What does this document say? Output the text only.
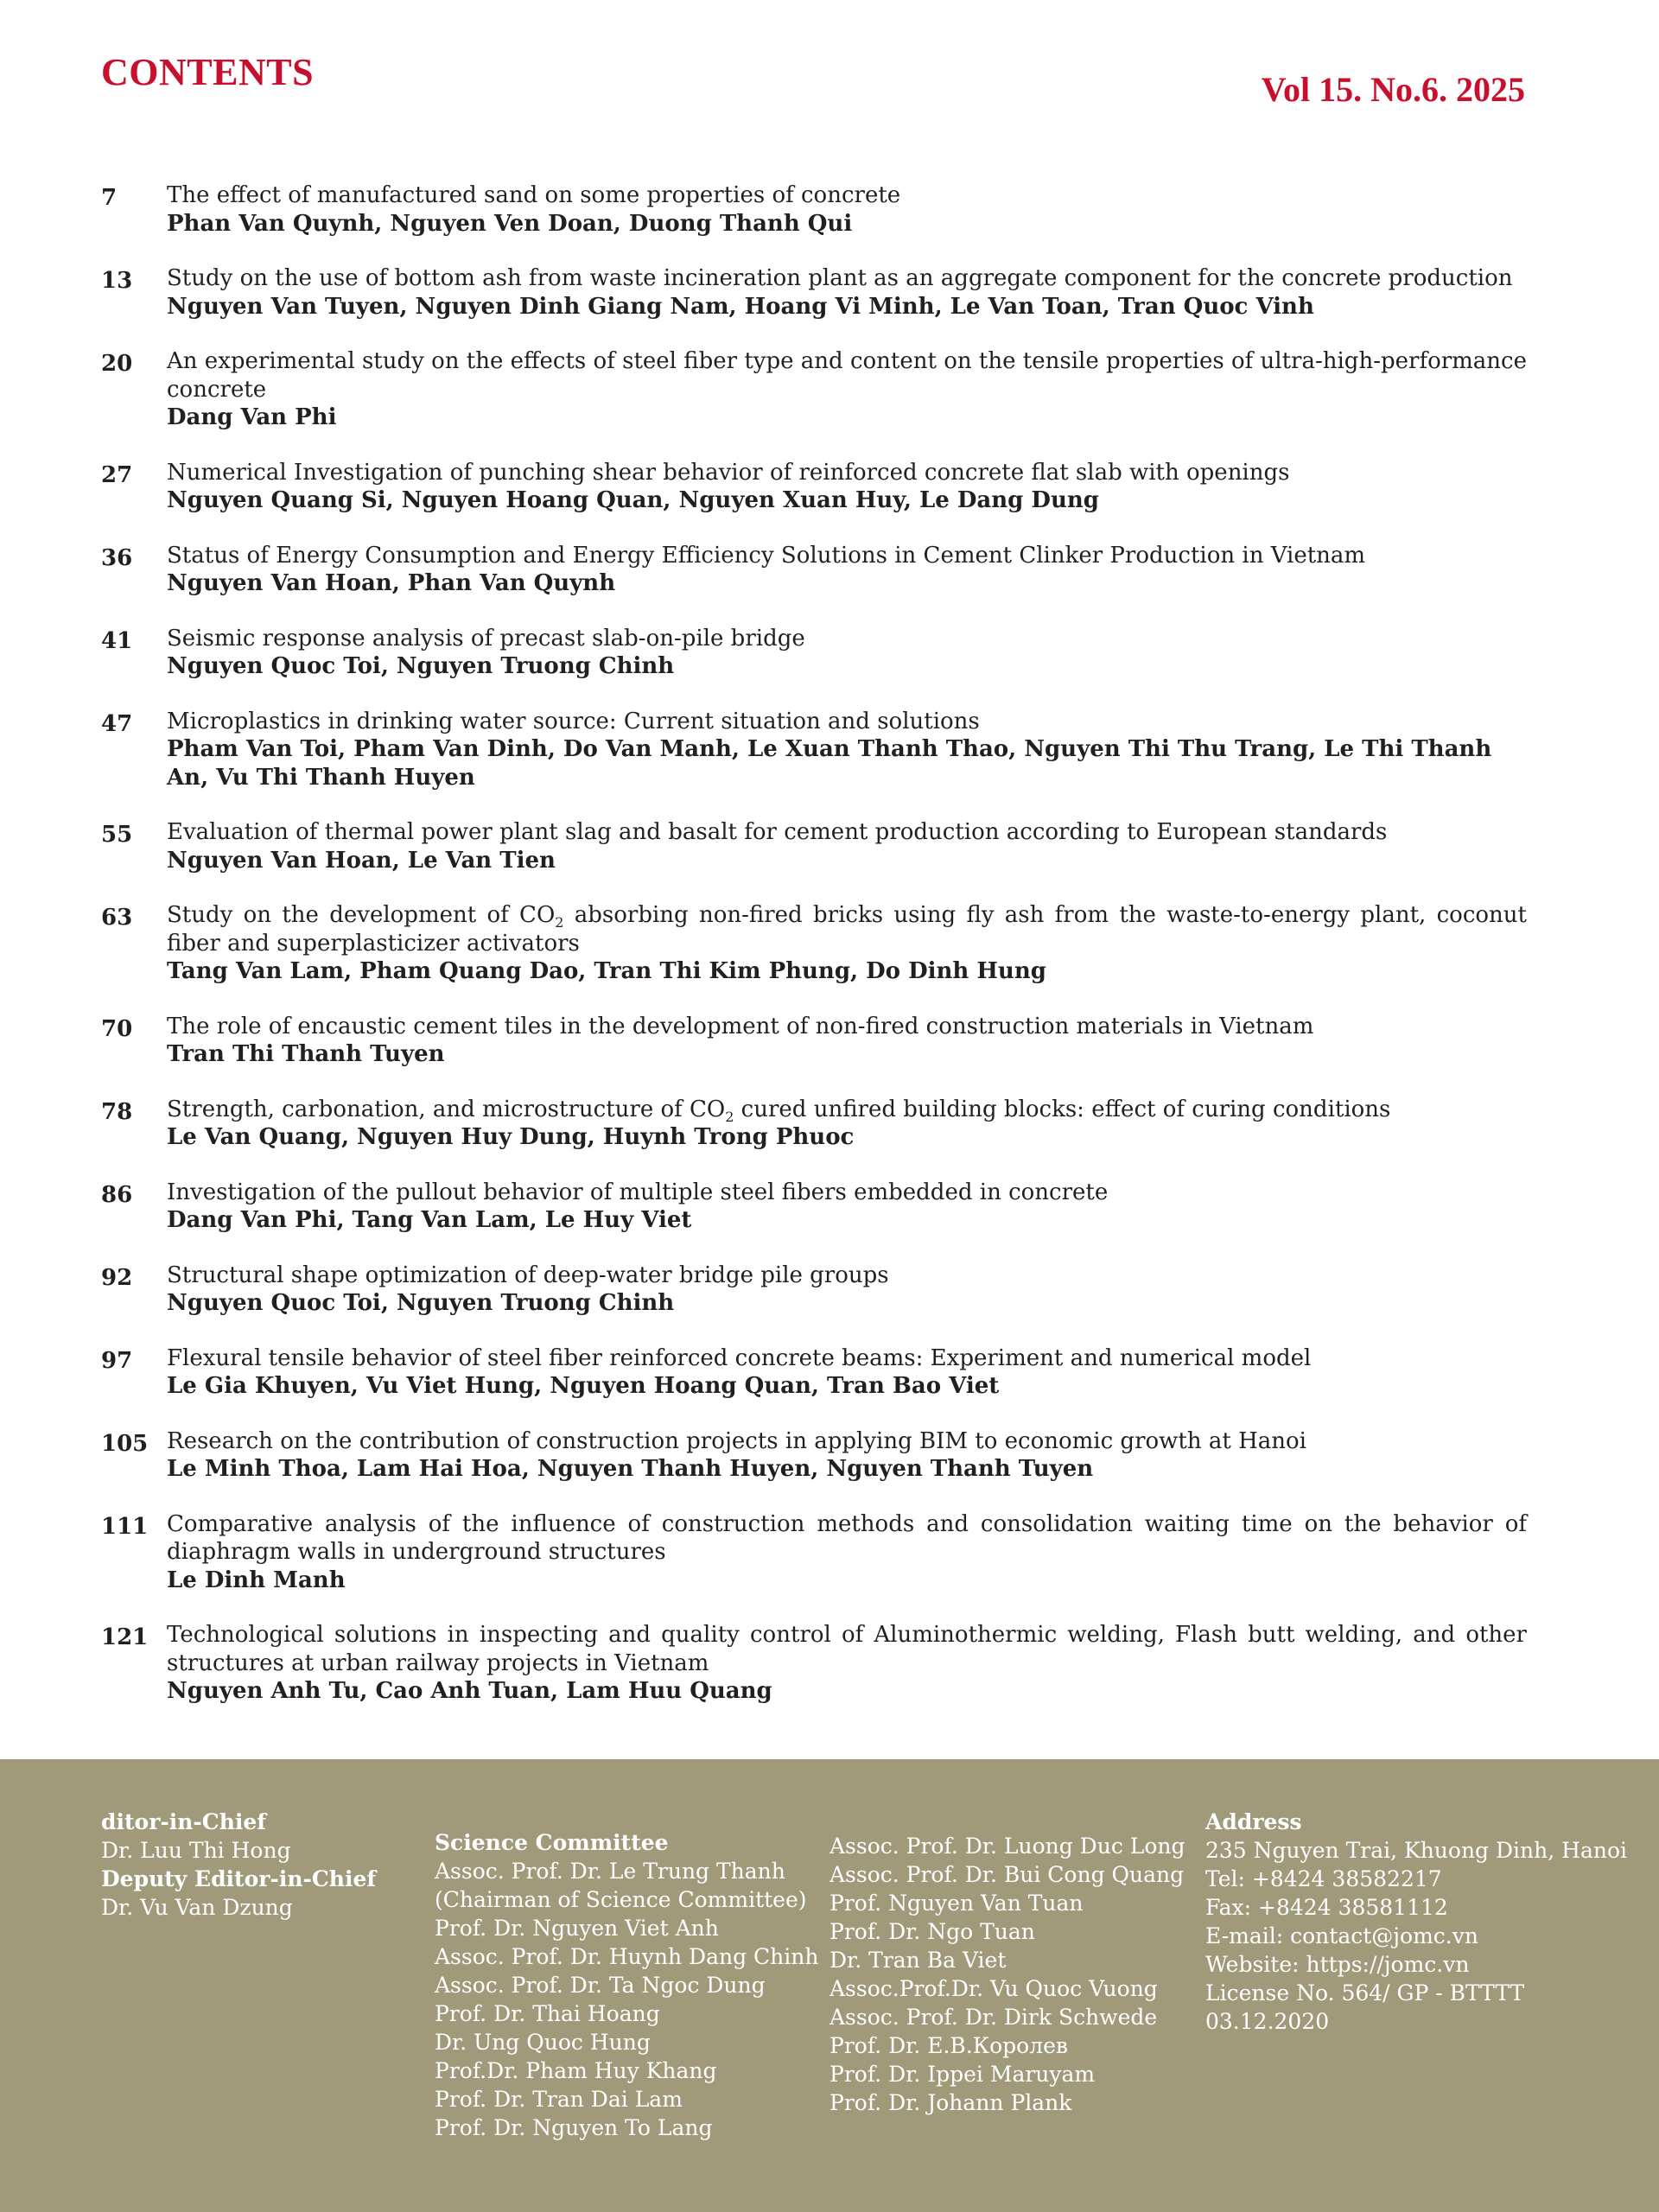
CONTENTS	Vol 15. No.6. 2025
7	The effect of manufactured sand on some properties of concrete
Phan Van Quynh, Nguyen Ven Doan, Duong Thanh Qui
13	Study on the use of bottom ash from waste incineration plant as an aggregate component for the concrete production
Nguyen Van Tuyen, Nguyen Dinh Giang Nam, Hoang Vi Minh, Le Van Toan, Tran Quoc Vinh
20	An experimental study on the effects of steel fiber type and content on the tensile properties of ultra-high-performance concrete
Dang Van Phi
27	Numerical Investigation of punching shear behavior of reinforced concrete flat slab with openings
Nguyen Quang Si, Nguyen Hoang Quan, Nguyen Xuan Huy, Le Dang Dung
36	Status of Energy Consumption and Energy Efficiency Solutions in Cement Clinker Production in Vietnam
Nguyen Van Hoan, Phan Van Quynh
41	Seismic response analysis of precast slab-on-pile bridge
Nguyen Quoc Toi, Nguyen Truong Chinh
47	Microplastics in drinking water source: Current situation and solutions
Pham Van Toi, Pham Van Dinh, Do Van Manh, Le Xuan Thanh Thao, Nguyen Thi Thu Trang, Le Thi Thanh An, Vu Thi Thanh Huyen
55	Evaluation of thermal power plant slag and basalt for cement production according to European standards
Nguyen Van Hoan, Le Van Tien
63	Study on the development of $CO_2$ absorbing non-fired bricks using fly ash from the waste-to-energy plant, coconut fiber and superplasticizer activators
Tang Van Lam, Pham Quang Dao, Tran Thi Kim Phung, Do Dinh Hung
70	The role of encaustic cement tiles in the development of non-fired construction materials in Vietnam
Tran Thi Thanh Tuyen
78	Strength, carbonation, and microstructure of $CO_2$ cured unfired building blocks: effect of curing conditions
Le Van Quang, Nguyen Huy Dung, Huynh Trong Phuoc
86	Investigation of the pullout behavior of multiple steel fibers embedded in concrete
Dang Van Phi, Tang Van Lam, Le Huy Viet
92	Structural shape optimization of deep-water bridge pile groups
Nguyen Quoc Toi, Nguyen Truong Chinh
97	Flexural tensile behavior of steel fiber reinforced concrete beams: Experiment and numerical model
Le Gia Khuyen, Vu Viet Hung, Nguyen Hoang Quan, Tran Bao Viet
105 Research on the contribution of construction projects in applying BIM to economic growth at Hanoi
Le Minh Thoa, Lam Hai Hoa, Nguyen Thanh Huyen, Nguyen Thanh Tuyen
111 Comparative analysis of the influence of construction methods and consolidation waiting time on the behavior of diaphragm walls in underground structures
Le Dinh Manh
121 Technological solutions in inspecting and quality control of Aluminothermic welding, Flash butt welding, and other structures at urban railway projects in Vietnam
Nguyen Anh Tu, Cao Anh Tuan, Lam Huu Quang
ditor-in-Chief
Dr. Luu Thi Hong
Deputy Editor-in-Chief
Dr. Vu Van Dzung
Science Committee
Assoc. Prof. Dr. Le Trung Thanh
(Chairman of Science Committee)
Prof. Dr. Nguyen Viet Anh
Assoc. Prof. Dr. Huynh Dang Chinh
Assoc. Prof. Dr. Ta Ngoc Dung
Prof. Dr. Thai Hoang
Dr. Ung Quoc Hung
Prof.Dr. Pham Huy Khang
Prof. Dr. Tran Dai Lam
Prof. Dr. Nguyen To Lang
Assoc. Prof. Dr. Luong Duc Long
Assoc. Prof. Dr. Bui Cong Quang
Prof. Nguyen Van Tuan
Prof. Dr. Ngo Tuan
Dr. Tran Ba Viet
Assoc.Prof.Dr. Vu Quoc Vuong
Assoc. Prof. Dr. Dirk Schwede
Prof. Dr. E.B.Королев
Prof. Dr. Ippei Maruyam
Prof. Dr. Johann Plank
Address
235 Nguyen Trai, Khuong Dinh, Hanoi
Tel: +8424 38582217
Fax: +8424 38581112
E-mail: contact@jomc.vn
Website: https://jomc.vn
License No. 564/ GP - BTTTT
03.12.2020
